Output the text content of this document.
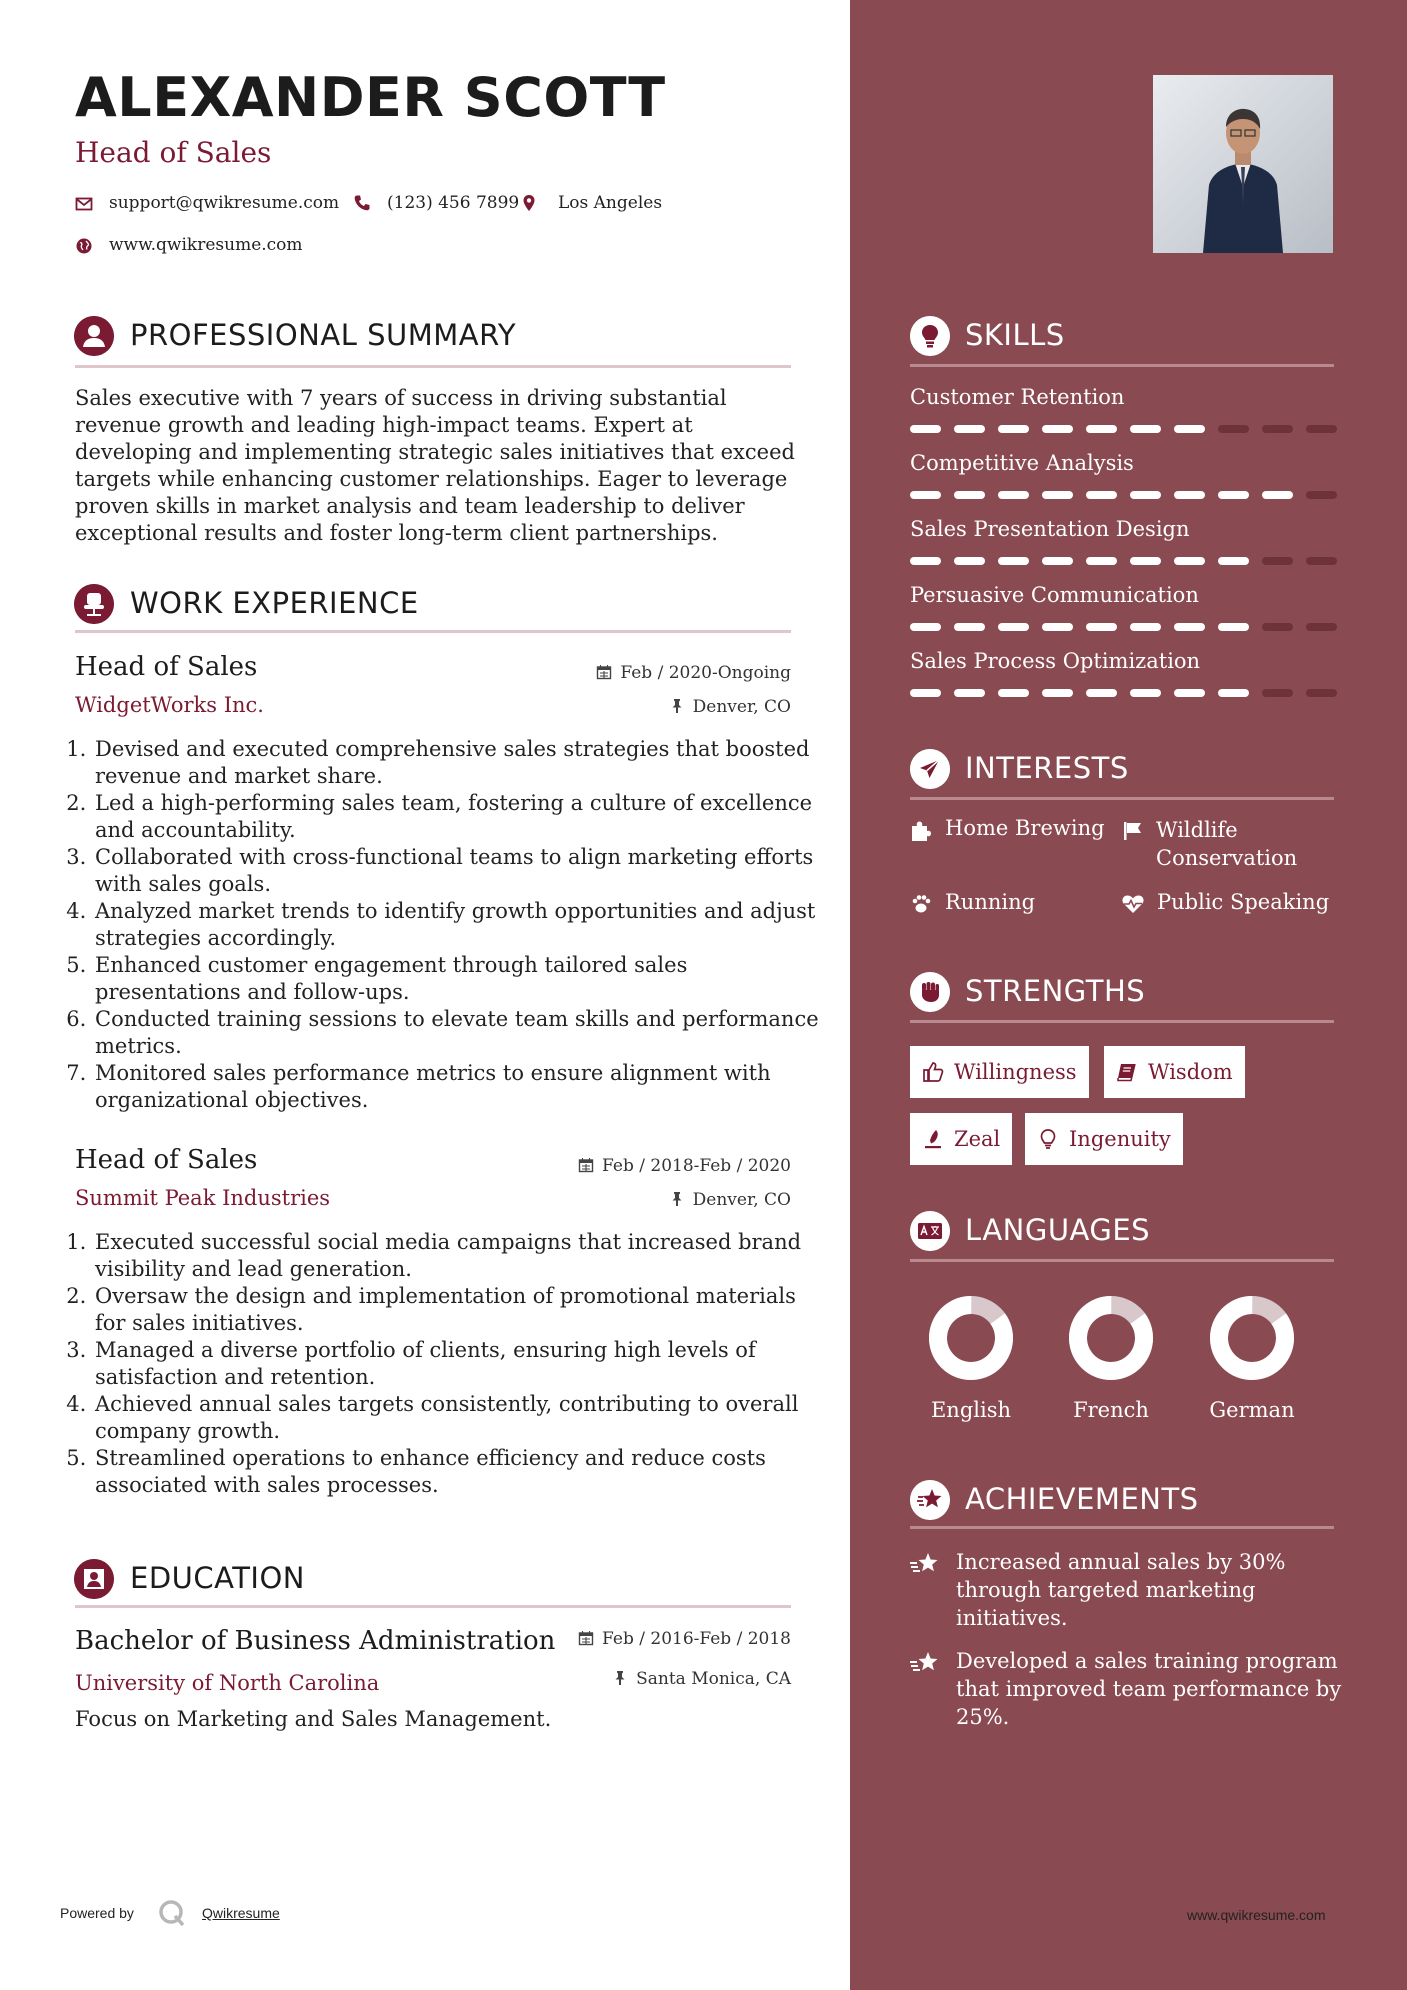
ALEXANDER SCOTT
Head of Sales
support@qwikresume.com	(123) 456 7899 Los Angeles
www.qwikresume.com
PROFESSIONAL SUMMARY
Sales executive with 7 years of success in driving substantial revenue growth and leading high-impact teams. Expert at developing and implementing strategic sales initiatives that exceed targets while enhancing customer relationships. Eager to leverage proven skills in market analysis and team leadership to deliver exceptional results and foster long-term client partnerships.
WORK EXPERIENCE
Head of Sales	Feb / 2020-Ongoing
WidgetWorks Inc.	Denver, CO
1. Devised and executed comprehensive sales strategies that boosted revenue and market share.
2. Led a high-performing sales team, fostering a culture of excellence and accountability.
3. Collaborated with cross-functional teams to align marketing efforts with sales goals.
4. Analyzed market trends to identify growth opportunities and adjust strategies accordingly.
5. Enhanced customer engagement through tailored sales presentations and follow-ups.
6. Conducted training sessions to elevate team skills and performance metrics.
7. Monitored sales performance metrics to ensure alignment with organizational objectives.
Head of Sales	Feb / 2018-Feb / 2020
Summit Peak Industries	Denver, CO
1. Executed successful social media campaigns that increased brand visibility and lead generation.
2. Oversaw the design and implementation of promotional materials for sales initiatives.
3. Managed a diverse portfolio of clients, ensuring high levels of satisfaction and retention.
4. Achieved annual sales targets consistently, contributing to overall company growth.
5. Streamlined operations to enhance efficiency and reduce costs associated with sales processes.
EDUCATION
Bachelor of Business Administration	Feb / 2016-Feb / 2018
University of North Carolina	Santa Monica, CA
Focus on Marketing and Sales Management.
SKILLS
Customer Retention
Competitive Analysis
Sales Presentation Design
Persuasive Communication
Sales Process Optimization
INTERESTS
Home Brewing Wildlife Conservation
Running	Public Speaking
STRENGTHS
Willingness	Wisdom
Zeal	Ingenuity
LANGUAGES
English	French	German
ACHIEVEMENTS
Increased annual sales by 30% through targeted marketing initiatives.
Developed a sales training program that improved team performance by 25%.
Powered by	Qwikresume	www.qwikresume.com
